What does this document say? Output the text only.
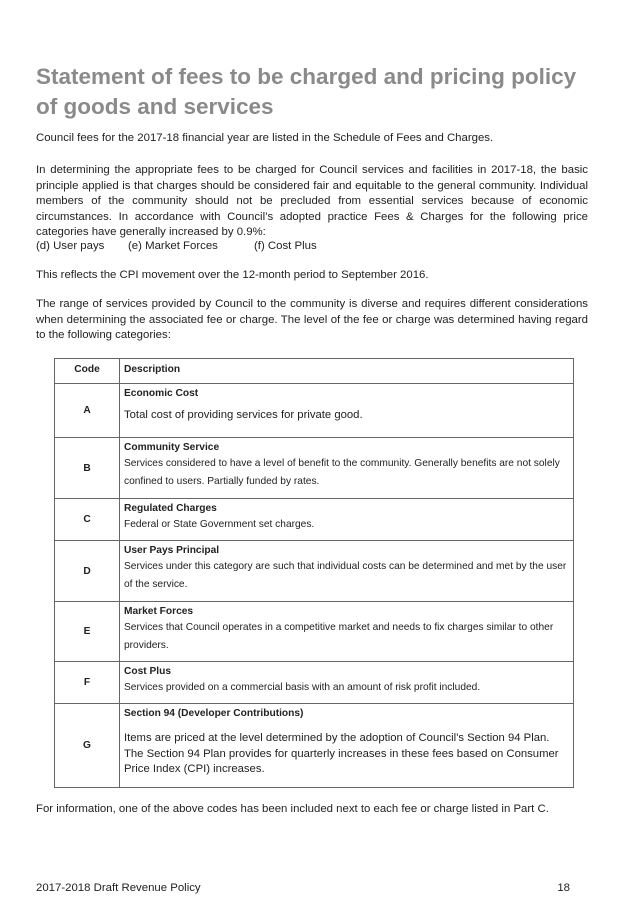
Statement of fees to be charged and pricing policy of goods and services

Council fees for the 2017-18 financial year are listed in the Schedule of Fees and Charges.

In determining the appropriate fees to be charged for Council services and facilities in 2017-18, the basic principle applied is that charges should be considered fair and equitable to the general community. Individual members of the community should not be precluded from essential services because of economic circumstances. In accordance with Council’s adopted practice Fees & Charges for the following price categories have generally increased by 0.9%:

(d) User pays	(e) Market Forces	(f) Cost Plus

This reflects the CPI movement over the 12-month period to September 2016.

The range of services provided by Council to the community is diverse and requires different considerations when determining the associated fee or charge. The level of the fee or charge was determined having regard to the following categories:

Code	Description
A	Economic Cost

Total cost of providing services for private good.

B	Community Service

Services considered to have a level of benefit to the community. Generally benefits are not solely confined to users. Partially funded by rates.

C	Regulated Charges

Federal or State Government set charges.

D	User Pays Principal

Services under this category are such that individual costs can be determined and met by the user of the service.

E	Market Forces

Services that Council operates in a competitive market and needs to fix charges similar to other providers.

F	Cost Plus

Services provided on a commercial basis with an amount of risk profit included.

G	Section 94 (Developer Contributions)

Items are priced at the level determined by the adoption of Council's Section 94 Plan. The Section 94 Plan provides for quarterly increases in these fees based on Consumer Price Index (CPI) increases.

For information, one of the above codes has been included next to each fee or charge listed in Part C.

2017-2018 Draft Revenue Policy	18
